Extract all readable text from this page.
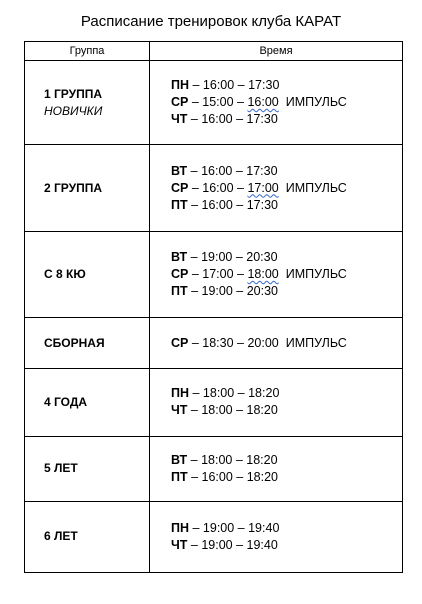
Расписание тренировок клуба КАРАТ
Группа	Время

1 ГРУППА
НОВИЧКИ	ПН – 16:00 – 17:30
СР – 15:00 – 16:00 ИМПУЛЬС
ЧТ – 16:00 – 17:30

2 ГРУППА	ВТ – 16:00 – 17:30
СР – 16:00 – 17:00 ИМПУЛЬС
ПТ – 16:00 – 17:30

С 8 КЮ	ВТ – 19:00 – 20:30
СР – 17:00 – 18:00 ИМПУЛЬС
ПТ – 19:00 – 20:30

СБОРНАЯ	СР – 18:30 – 20:00 ИМПУЛЬС

4 ГОДА	ПН – 18:00 – 18:20
ЧТ – 18:00 – 18:20

5 ЛЕТ	ВТ – 18:00 – 18:20
ПТ – 16:00 – 18:20

6 ЛЕТ	ПН – 19:00 – 19:40
ЧТ – 19:00 – 19:40
